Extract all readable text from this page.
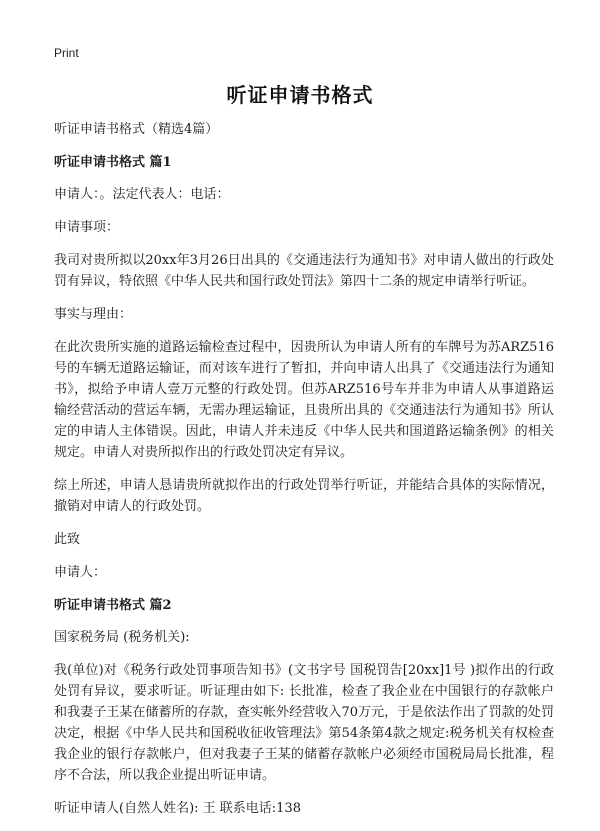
Print
听证申请书格式

听证申请书格式（精选4篇）

听证申请书格式 篇1

申请人：。法定代表人：电话：

申请事项：

我司对贵所拟以20xx年3月26日出具的《交通违法行为通知书》对申请人做出的行政处罚有异议，特依照《中华人民共和国行政处罚法》第四十二条的规定申请举行听证。

事实与理由：

在此次贵所实施的道路运输检查过程中，因贵所认为申请人所有的车牌号为苏ARZ516号的车辆无道路运输证，而对该车进行了暂扣，并向申请人出具了《交通违法行为通知书》，拟给予申请人壹万元整的行政处罚。但苏ARZ516号车并非为申请人从事道路运输经营活动的营运车辆，无需办理运输证，且贵所出具的《交通违法行为通知书》所认定的申请人主体错误。因此，申请人并未违反《中华人民共和国道路运输条例》的相关规定。申请人对贵所拟作出的行政处罚决定有异议。

综上所述，申请人恳请贵所就拟作出的行政处罚举行听证，并能结合具体的实际情况，撤销对申请人的行政处罚。

此致

申请人：

听证申请书格式 篇2

国家税务局 (税务机关):

我(单位)对《税务行政处罚事项告知书》(文书字号 国税罚告[20xx]1号 )拟作出的行政处罚有异议，要求听证。听证理由如下: 长批准，检查了我企业在中国银行的存款帐户和我妻子王某在储蓄所的存款，查实帐外经营收入70万元，于是依法作出了罚款的处罚决定，根据《中华人民共和国税收征收管理法》第54条第4款之规定:税务机关有权检查我企业的银行存款帐户，但对我妻子王某的储蓄存款帐户必须经市国税局局长批准，程序不合法，所以我企业提出听证申请。

听证申请人(自然人姓名): 王 联系电话:138
